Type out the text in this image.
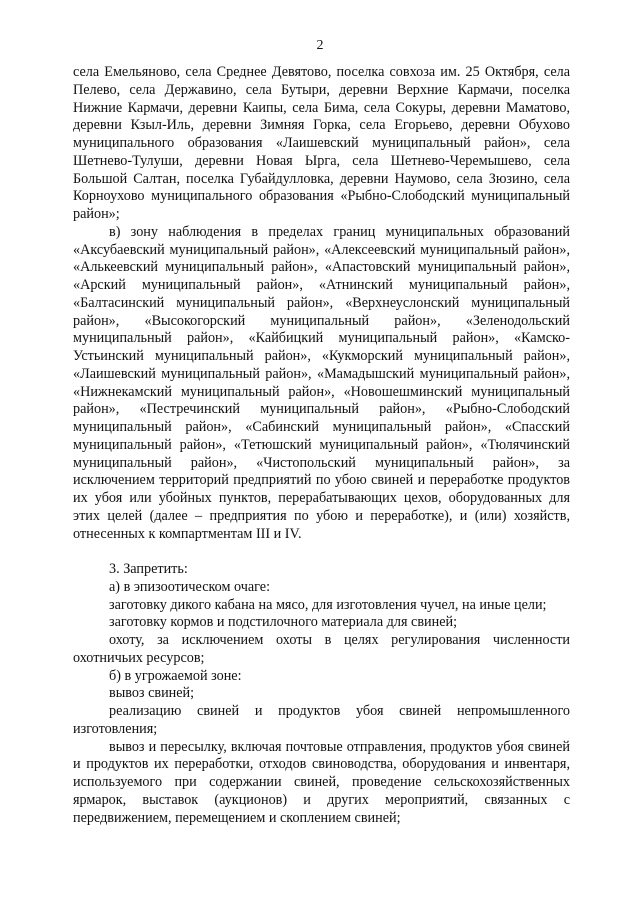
2

села Емельяново, села Среднее Девятово, поселка совхоза им. 25 Октября, села Пелево, села Державино, села Бутыри, деревни Верхние Кармачи, поселка Нижние Кармачи, деревни Каипы, села Бима, села Сокуры, деревни Маматово, деревни Кзыл-Иль, деревни Зимняя Горка, села Егорьево, деревни Обухово муниципального образования «Лаишевский муниципальный район», села Шетнево-Тулуши, деревни Новая Ырга, села Шетнево-Черемышево, села Большой Салтан, поселка Губайдулловка, деревни Наумово, села Зюзино, села Корноухово муниципального образования «Рыбно-Слободский муниципальный район»;

в) зону наблюдения в пределах границ муниципальных образований «Аксубаевский муниципальный район», «Алексеевский муниципальный район», «Алькеевский муниципальный район», «Апастовский муниципальный район», «Арский муниципальный район», «Атнинский муниципальный район», «Балтасинский муниципальный район», «Верхнеуслонский муниципальный район», «Высокогорский муниципальный район», «Зеленодольский муниципальный район», «Кайбицкий муниципальный район», «Камско-Устьинский муниципальный район», «Кукморский муниципальный район», «Лаишевский муниципальный район», «Мамадышский муниципальный район», «Нижнекамский муниципальный район», «Новошешминский муниципальный район», «Пестречинский муниципальный район», «Рыбно-Слободский муниципальный район», «Сабинский муниципальный район», «Спасский муниципальный район», «Тетюшский муниципальный район», «Тюлячинский муниципальный район», «Чистопольский муниципальный район», за исключением территорий предприятий по убою свиней и переработке продуктов их убоя или убойных пунктов, перерабатывающих цехов, оборудованных для этих целей (далее – предприятия по убою и переработке), и (или) хозяйств, отнесенных к компартментам III и IV.

3. Запретить:

а) в эпизоотическом очаге:

заготовку дикого кабана на мясо, для изготовления чучел, на иные цели;

заготовку кормов и подстилочного материала для свиней;

охоту, за исключением охоты в целях регулирования численности охотничьих ресурсов;

б) в угрожаемой зоне:

вывоз свиней;

реализацию свиней и продуктов убоя свиней непромышленного изготовления;

вывоз и пересылку, включая почтовые отправления, продуктов убоя свиней и продуктов их переработки, отходов свиноводства, оборудования и инвентаря, используемого при содержании свиней, проведение сельскохозяйственных ярмарок, выставок (аукционов) и других мероприятий, связанных с передвижением, перемещением и скоплением свиней;
